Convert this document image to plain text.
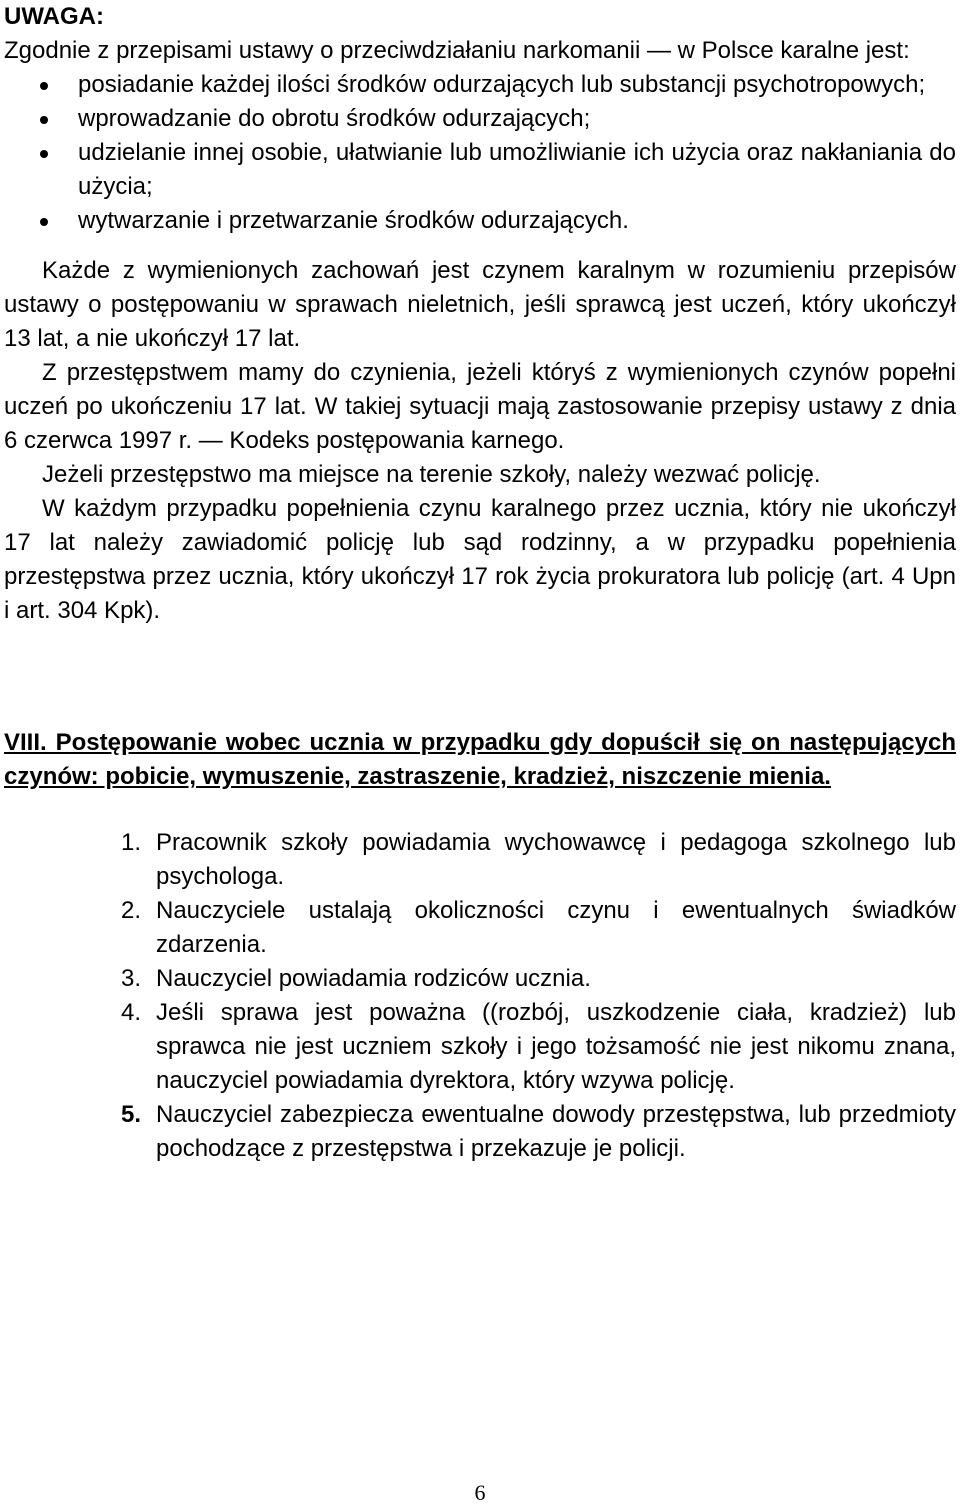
UWAGA:

Zgodnie z przepisami ustawy o przeciwdziałaniu narkomanii — w Polsce karalne jest:

posiadanie każdej ilości środków odurzających lub substancji psychotropowych;
wprowadzanie do obrotu środków odurzających;
udzielanie innej osobie, ułatwianie lub umożliwianie ich użycia oraz nakłaniania do użycia;
wytwarzanie i przetwarzanie środków odurzających.

Każde z wymienionych zachowań jest czynem karalnym w rozumieniu przepisów ustawy o postępowaniu w sprawach nieletnich, jeśli sprawcą jest uczeń, który ukończył 13 lat, a nie ukończył 17 lat.

Z przestępstwem mamy do czynienia, jeżeli któryś z wymienionych czynów popełni uczeń po ukończeniu 17 lat. W takiej sytuacji mają zastosowanie przepisy ustawy z dnia 6 czerwca 1997 r. — Kodeks postępowania karnego.

Jeżeli przestępstwo ma miejsce na terenie szkoły, należy wezwać policję.

W każdym przypadku popełnienia czynu karalnego przez ucznia, który nie ukończył 17 lat należy zawiadomić policję lub sąd rodzinny, a w przypadku popełnienia przestępstwa przez ucznia, który ukończył 17 rok życia prokuratora lub policję (art. 4 Upn i art. 304 Kpk).

VIII. Postępowanie wobec ucznia w przypadku gdy dopuścił się on następujących czynów: pobicie, wymuszenie, zastraszenie, kradzież, niszczenie mienia.

1. Pracownik szkoły powiadamia wychowawcę i pedagoga szkolnego lub psychologa.
2. Nauczyciele ustalają okoliczności czynu i ewentualnych świadków zdarzenia.
3. Nauczyciel powiadamia rodziców ucznia.
4. Jeśli sprawa jest poważna ((rozbój, uszkodzenie ciała, kradzież) lub sprawca nie jest uczniem szkoły i jego tożsamość nie jest nikomu znana, nauczyciel powiadamia dyrektora, który wzywa policję.
5. Nauczyciel zabezpiecza ewentualne dowody przestępstwa, lub przedmioty pochodzące z przestępstwa i przekazuje je policji.
6
